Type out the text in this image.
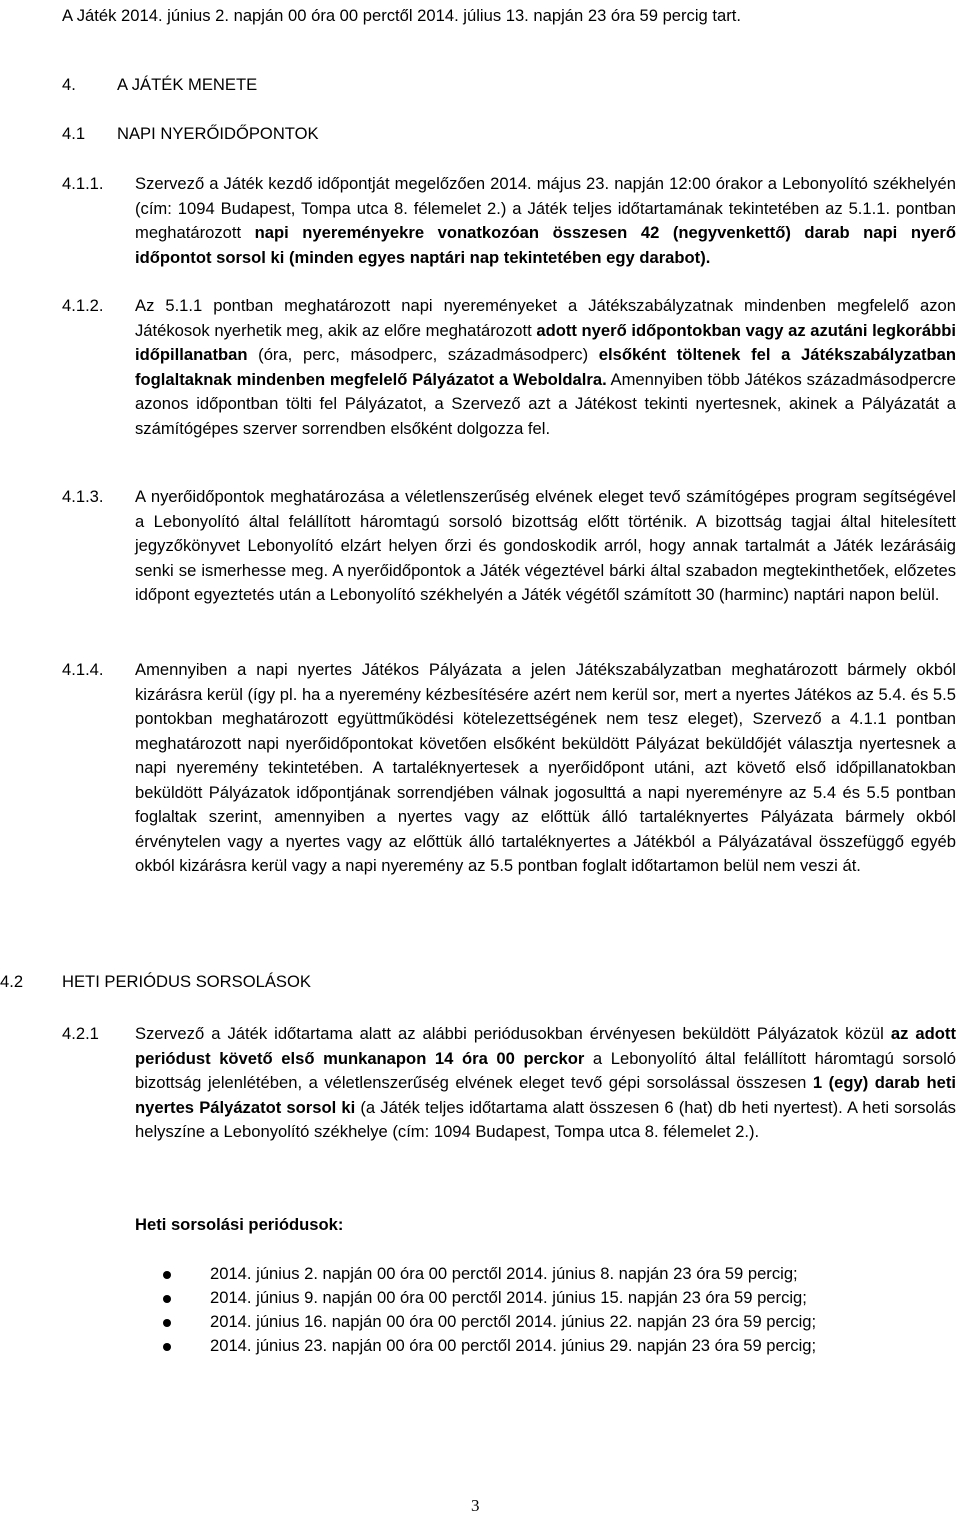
A Játék 2014. június 2. napján 00 óra 00 perctől 2014. július 13. napján 23 óra 59 percig tart.

4. A JÁTÉK MENETE
4.1 NAPI NYERŐIDŐPONTOK
4.1.1. Szervező a Játék kezdő időpontját megelőzően 2014. május 23. napján 12:00 órakor a Lebonyolító székhelyén (cím: 1094 Budapest, Tompa utca 8. félemelet 2.) a Játék teljes időtartamának tekintetében az 5.1.1. pontban meghatározott napi nyereményekre vonatkozóan összesen 42 (negyvenkettő) darab napi nyerő időpontot sorsol ki (minden egyes naptári nap tekintetében egy darabot).
4.1.2. Az 5.1.1 pontban meghatározott napi nyereményeket a Játékszabályzatnak mindenben megfelelő azon Játékosok nyerhetik meg, akik az előre meghatározott adott nyerő időpontokban vagy az azutáni legkorábbi időpillanatban (óra, perc, másodperc, századmásodperc) elsőként töltenek fel a Játékszabályzatban foglaltaknak mindenben megfelelő Pályázatot a Weboldalra. Amennyiben több Játékos századmásodpercre azonos időpontban tölti fel Pályázatot, a Szervező azt a Játékost tekinti nyertesnek, akinek a Pályázatát a számítógépes szerver sorrendben elsőként dolgozza fel.
4.1.3. A nyerőidőpontok meghatározása a véletlenszerűség elvének eleget tevő számítógépes program segítségével a Lebonyolító által felállított háromtagú sorsoló bizottság előtt történik. A bizottság tagjai által hitelesített jegyzőkönyvet Lebonyolító elzárt helyen őrzi és gondoskodik arról, hogy annak tartalmát a Játék lezárásáig senki se ismerhesse meg. A nyerőidőpontok a Játék végeztével bárki által szabadon megtekinthetőek, előzetes időpont egyeztetés után a Lebonyolító székhelyén a Játék végétől számított 30 (harminc) naptári napon belül.
4.1.4. Amennyiben a napi nyertes Játékos Pályázata a jelen Játékszabályzatban meghatározott bármely okból kizárásra kerül (így pl. ha a nyeremény kézbesítésére azért nem kerül sor, mert a nyertes Játékos az 5.4. és 5.5 pontokban meghatározott együttműködési kötelezettségének nem tesz eleget), Szervező a 4.1.1 pontban meghatározott napi nyerőidőpontokat követően elsőként beküldött Pályázat beküldőjét választja nyertesnek a napi nyeremény tekintetében. A tartaléknyertesek a nyerőidőpont utáni, azt követő első időpillanatokban beküldött Pályázatok időpontjának sorrendjében válnak jogosulttá a napi nyereményre az 5.4 és 5.5 pontban foglaltak szerint, amennyiben a nyertes vagy az előttük álló tartaléknyertes Pályázata bármely okból érvénytelen vagy a nyertes vagy az előttük álló tartaléknyertes a Játékból a Pályázatával összefüggő egyéb okból kizárásra kerül vagy a napi nyeremény az 5.5 pontban foglalt időtartamon belül nem veszi át.
4.2 HETI PERIÓDUS SORSOLÁSOK
4.2.1 Szervező a Játék időtartama alatt az alábbi periódusokban érvényesen beküldött Pályázatok közül az adott periódust követő első munkanapon 14 óra 00 perckor a Lebonyolító által felállított háromtagú sorsoló bizottság jelenlétében, a véletlenszerűség elvének eleget tevő gépi sorsolással összesen 1 (egy) darab heti nyertes Pályázatot sorsol ki (a Játék teljes időtartama alatt összesen 6 (hat) db heti nyertest). A heti sorsolás helyszíne a Lebonyolító székhelye (cím: 1094 Budapest, Tompa utca 8. félemelet 2.).
Heti sorsolási periódusok:
2014. június 2. napján 00 óra 00 perctől 2014. június 8. napján 23 óra 59 percig;
2014. június 9. napján 00 óra 00 perctől 2014. június 15. napján 23 óra 59 percig;
2014. június 16. napján 00 óra 00 perctől 2014. június 22. napján 23 óra 59 percig;
2014. június 23. napján 00 óra 00 perctől 2014. június 29. napján 23 óra 59 percig;
3
